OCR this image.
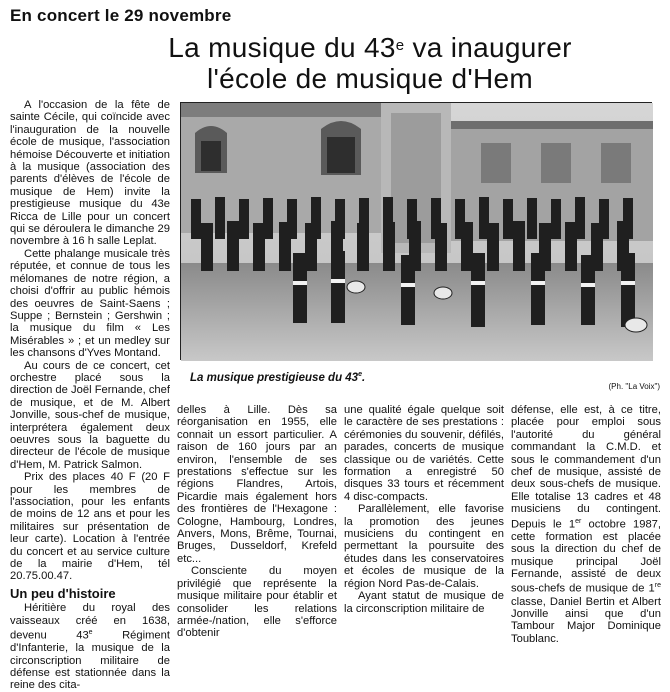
En concert le 29 novembre
La musique du 43e va inaugurer
l'école de musique d'Hem

A l'occasion de la fête de sainte Cécile, qui coïncide avec l'inauguration de la nouvelle école de musique, l'association hémoise Découverte et initiation à la musique (association des parents d'élèves de l'école de musique de Hem) invite la prestigieuse musique du 43e Ricca de Lille pour un concert qui se déroulera le dimanche 29 novembre à 16 h salle Leplat.

Cette phalange musicale très réputée, et connue de tous les mélomanes de notre région, a choisi d'offrir au public hémois des oeuvres de Saint-Saens ; Suppe ; Bernstein ; Gershwin ; la musique du film « Les Misérables » ; et un medley sur les chansons d'Yves Montand.

Au cours de ce concert, cet orchestre placé sous la direction de Joël Fernande, chef de musique, et de M. Albert Jonville, sous-chef de musique, interprétera également deux oeuvres sous la baguette du directeur de l'école de musique d'Hem, M. Patrick Salmon.

Prix des places 40 F (20 F pour les membres de l'association, pour les enfants de moins de 12 ans et pour les militaires sur présentation de leur carte). Location à l'entrée du concert et au service culture de la mairie d'Hem, tél 20.75.00.47.

Un peu d'histoire

Héritière du royal des vaisseaux créé en 1638, devenu 43e Régiment d'Infanterie, la musique de la circonscription militaire de défense est stationnée dans la reine des cita-

La musique prestigieuse du 43e.
(Ph. "La Voix")

delles à Lille. Dès sa réorganisation en 1955, elle connait un essort particulier. A raison de 160 jours par an environ, l'ensemble de ses prestations s'effectue sur les régions Flandres, Artois, Picardie mais également hors des frontières de l'Hexagone : Cologne, Hambourg, Londres, Anvers, Mons, Brême, Tournai, Bruges, Dusseldorf, Krefeld etc...

Consciente du moyen privilégié que représente la musique militaire pour établir et consolider les relations armée-/nation, elle s'efforce d'obtenir

une qualité égale quelque soit le caractère de ses prestations : cérémonies du souvenir, défilés, parades, concerts de musique classique ou de variétés. Cette formation a enregistré 50 disques 33 tours et récemment 4 disc-compacts.

Parallèlement, elle favorise la promotion des jeunes musiciens du contingent en permettant la poursuite des études dans les conservatoires et écoles de musique de la région Nord Pas-de-Calais.

Ayant statut de musique de la circonscription militaire de

défense, elle est, à ce titre, placée pour emploi sous l'autorité du général commandant la C.M.D. et sous le commandement d'un chef de musique, assisté de deux sous-chefs de musique. Elle totalise 13 cadres et 48 musiciens du contingent. Depuis le 1er octobre 1987, cette formation est placée sous la direction du chef de musique principal Joël Fernande, assisté de deux sous-chefs de musique de 1re classe, Daniel Bertin et Albert Jonville ainsi que d'un Tambour Major Dominique Toublanc.
